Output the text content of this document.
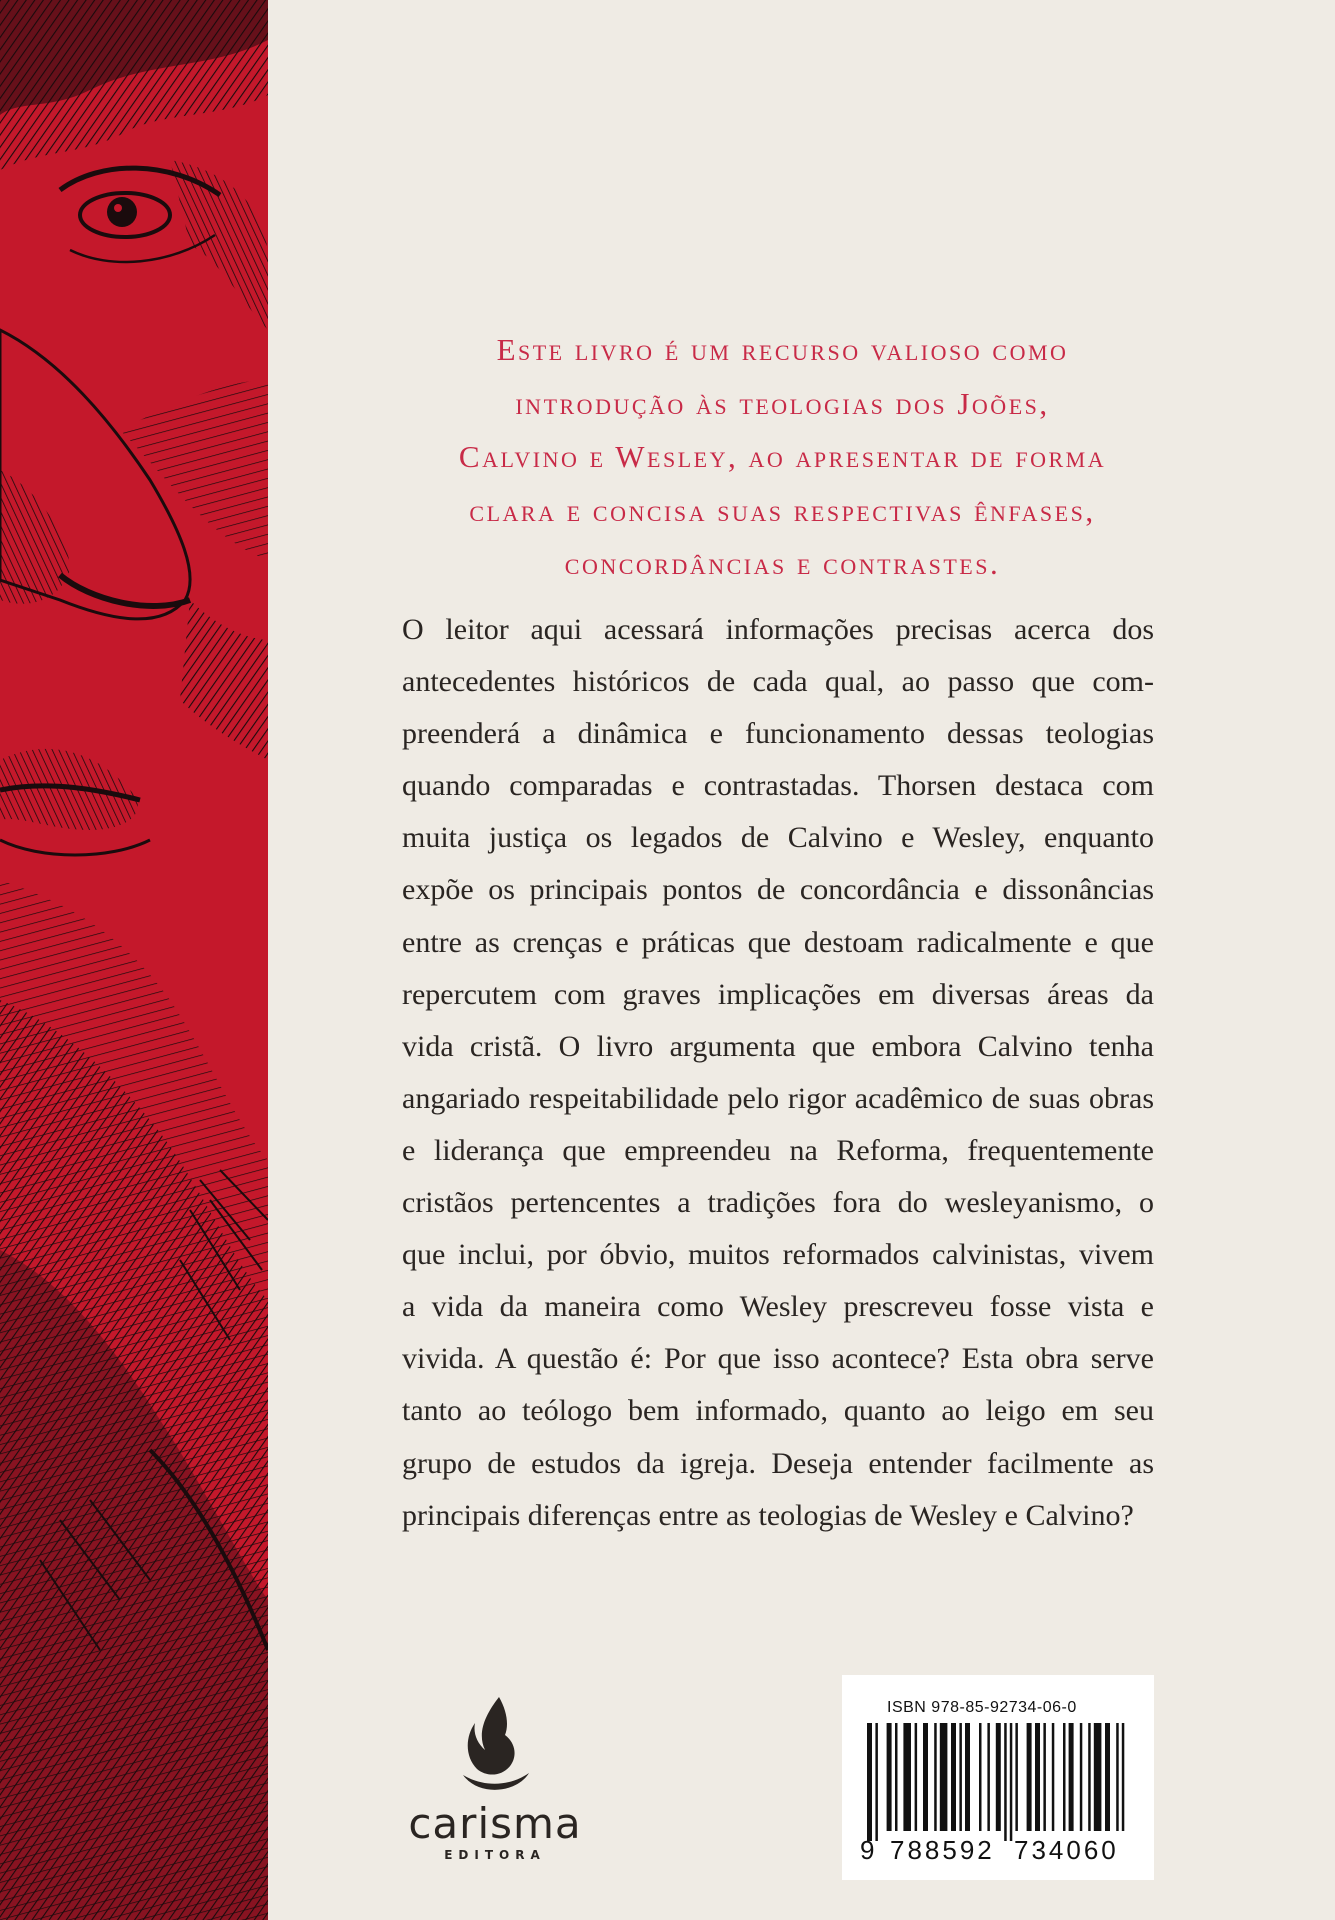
Este livro é um recurso valioso como
introdução às teologias dos Joões,
Calvino e Wesley, ao apresentar de forma
clara e concisa suas respectivas ênfases,
concordâncias e contrastes.
O leitor aqui acessará informações precisas acerca dos
antecedentes históricos de cada qual, ao passo que com-
preenderá a dinâmica e funcionamento dessas teologias
quando comparadas e contrastadas. Thorsen destaca com
muita justiça os legados de Calvino e Wesley, enquanto
expõe os principais pontos de concordância e dissonâncias
entre as crenças e práticas que destoam radicalmente e que
repercutem com graves implicações em diversas áreas da
vida cristã. O livro argumenta que embora Calvino tenha
angariado respeitabilidade pelo rigor acadêmico de suas obras
e liderança que empreendeu na Reforma, frequentemente
cristãos pertencentes a tradições fora do wesleyanismo, o
que inclui, por óbvio, muitos reformados calvinistas, vivem
a vida da maneira como Wesley prescreveu fosse vista e
vivida. A questão é: Por que isso acontece? Esta obra serve
tanto ao teólogo bem informado, quanto ao leigo em seu
grupo de estudos da igreja. Deseja entender facilmente as
principais diferenças entre as teologias de Wesley e Calvino?
carisma
EDITORA
ISBN 978-85-92734-06-0
9 788592 734060
